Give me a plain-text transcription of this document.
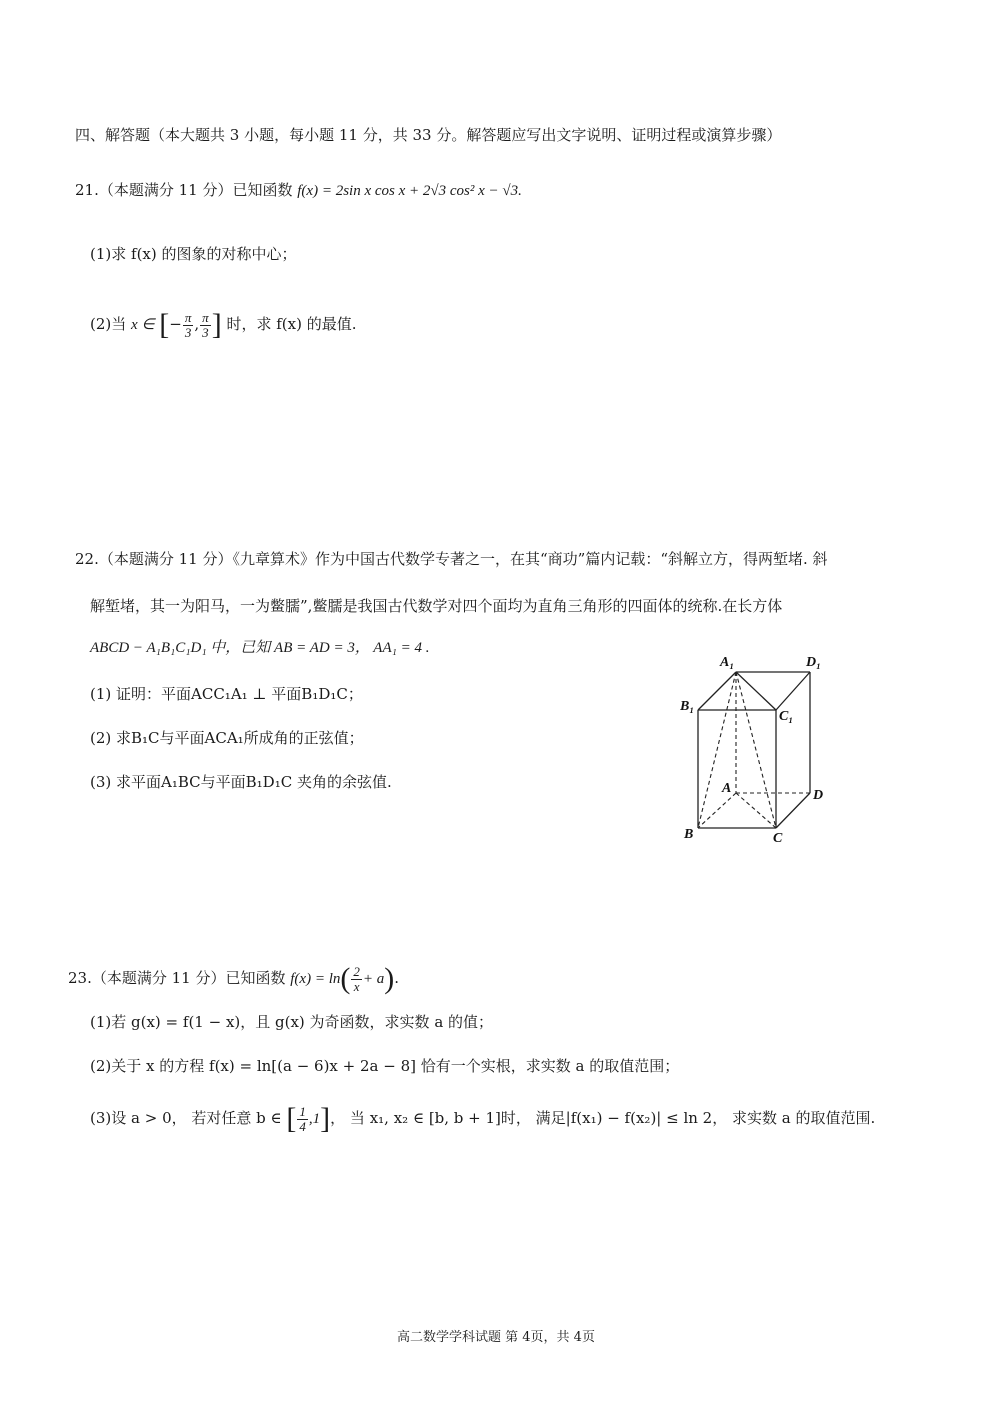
四、解答题（本大题共 3 小题，每小题 11 分，共 33 分。解答题应写出文字说明、证明过程或演算步骤）
21.（本题满分 11 分）已知函数 f(x) = 2sin x cos x + 2√3 cos² x − √3.
(1)求 f(x) 的图象的对称中心；
(2)当 x ∈ [− $\frac{\pi}{3}$ , $\frac{\pi}{3}$ ] 时，求 f(x) 的最值.
22.（本题满分 11 分）《九章算术》作为中国古代数学专著之一，在其“商功”篇内记载：“斜解立方，得两堑堵. 斜
解堑堵，其一为阳马，一为鳖臑”,鳖臑是我国古代数学对四个面均为直角三角形的四面体的统称.在长方体
ABCD − A₁B₁C₁D₁ 中，已知 AB = AD = 3， AA₁ = 4 .
(1) 证明：平面ACC₁A₁ ⊥ 平面B₁D₁C；
(2) 求B₁C与平面ACA₁所成角的正弦值；
(3) 求平面A₁BC与平面B₁D₁C 夹角的余弦值.
A₁	D₁
B₁
C₁
A	D
B	C
23.（本题满分 11 分）已知函数 $f(x) = \ln( \frac{2}{x} + a)$.
(1)若 g(x) = f(1 − x)，且 g(x) 为奇函数，求实数 a 的值；
(2)关于 x 的方程 f(x) = ln[(a − 6)x + 2a − 8] 恰有一个实根，求实数 a 的取值范围；
(3)设 a > 0， 若对任意 b ∈ [ $\frac{1}{4} ,1$]， 当 x₁, x₂ ∈ [b, b + 1]时， 满足|f(x₁) − f(x₂)| ≤ ln 2， 求实数 a 的取值范围.
高二数学学科试题 第 4页，共 4页
